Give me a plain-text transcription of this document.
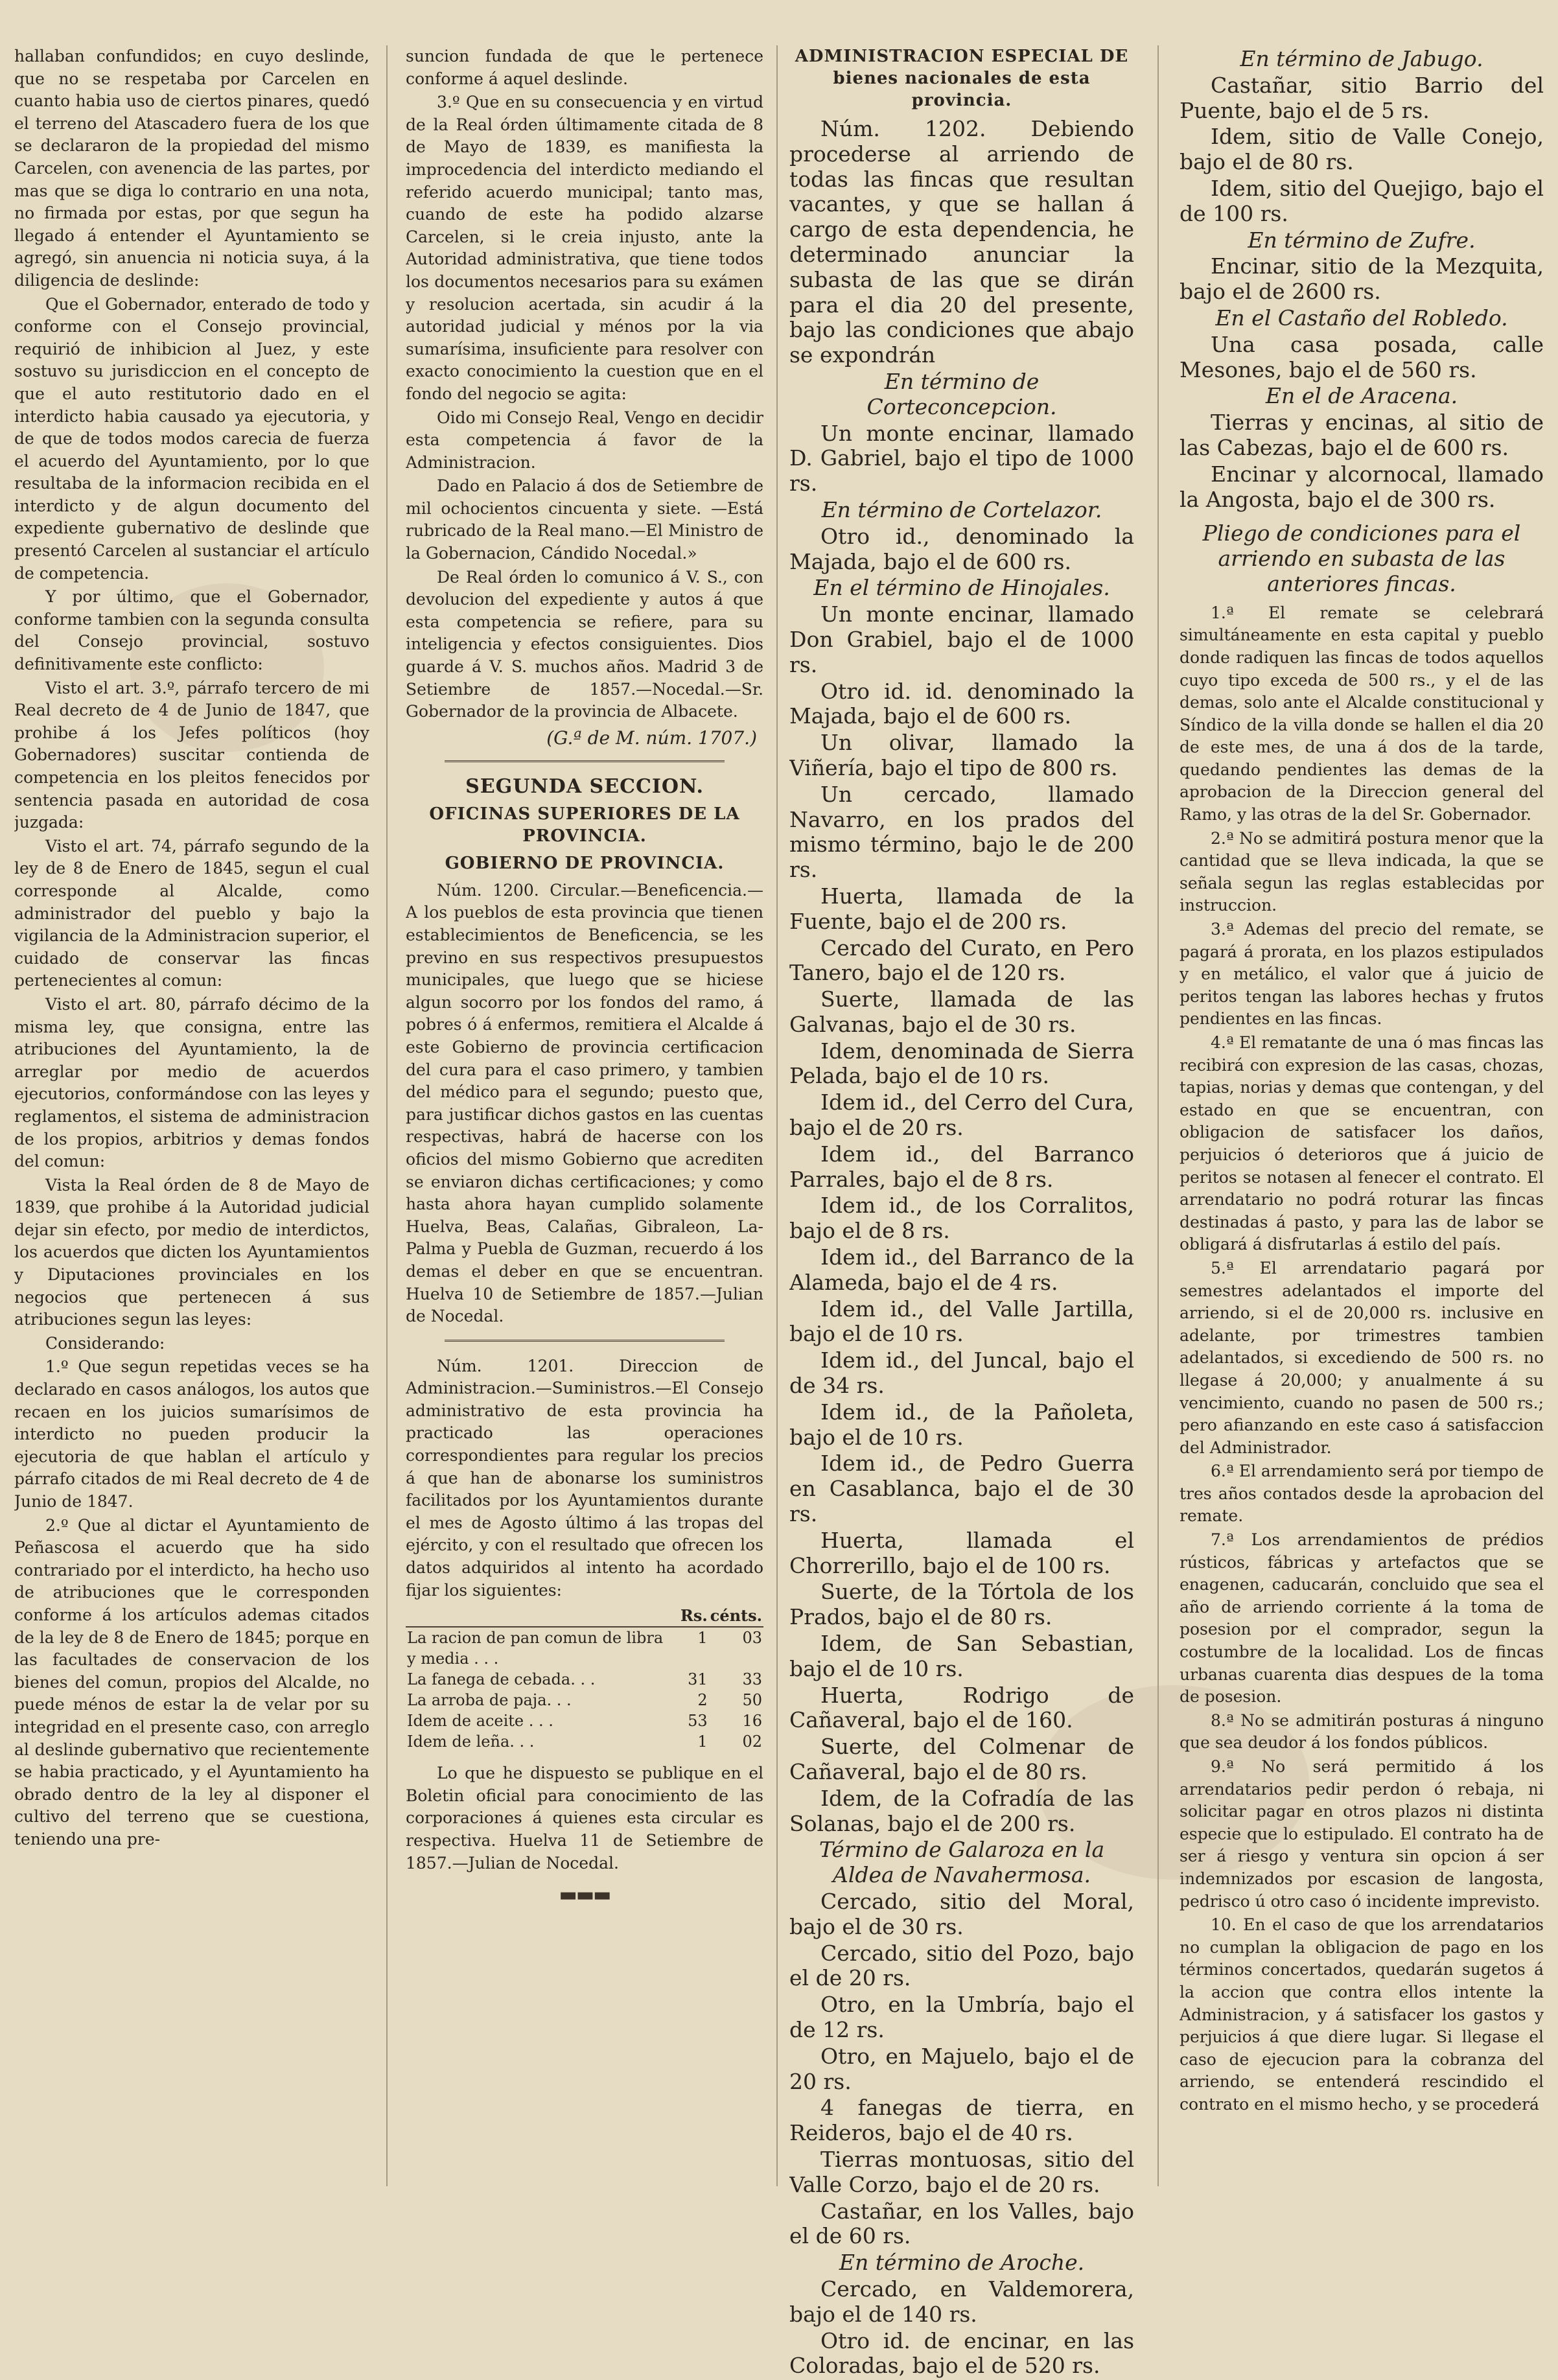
hallaban confundidos; en cuyo deslinde, que no se respetaba por Carcelen en cuanto habia uso de ciertos pinares, quedó el terreno del Atascadero fuera de los que se declararon de la propiedad del mismo Carcelen, con avenencia de las partes, por mas que se diga lo contrario en una nota, no firmada por estas, por que segun ha llegado á entender el Ayuntamiento se agregó, sin anuencia ni noticia suya, á la diligencia de deslinde:

Que el Gobernador, enterado de todo y conforme con el Consejo provincial, requirió de inhibicion al Juez, y este sostuvo su jurisdiccion en el concepto de que el auto restitutorio dado en el interdicto habia causado ya ejecutoria, y de que de todos modos carecia de fuerza el acuerdo del Ayuntamiento, por lo que resultaba de la informacion recibida en el interdicto y de algun documento del expediente gubernativo de deslinde que presentó Carcelen al sustanciar el artículo de competencia.

Y por último, que el Gobernador, conforme tambien con la segunda consulta del Consejo provincial, sostuvo definitivamente este conflicto:

Visto el art. 3.º, párrafo tercero de mi Real decreto de 4 de Junio de 1847, que prohibe á los Jefes políticos (hoy Gobernadores) suscitar contienda de competencia en los pleitos fenecidos por sentencia pasada en autoridad de cosa juzgada:

Visto el art. 74, párrafo segundo de la ley de 8 de Enero de 1845, segun el cual corresponde al Alcalde, como administrador del pueblo y bajo la vigilancia de la Administracion superior, el cuidado de conservar las fincas pertenecientes al comun:

Visto el art. 80, párrafo décimo de la misma ley, que consigna, entre las atribuciones del Ayuntamiento, la de arreglar por medio de acuerdos ejecutorios, conformándose con las leyes y reglamentos, el sistema de administracion de los propios, arbitrios y demas fondos del comun:

Vista la Real órden de 8 de Mayo de 1839, que prohibe á la Autoridad judicial dejar sin efecto, por medio de interdictos, los acuerdos que dicten los Ayuntamientos y Diputaciones provinciales en los negocios que pertenecen á sus atribuciones segun las leyes:

Considerando:

1.º Que segun repetidas veces se ha declarado en casos análogos, los autos que recaen en los juicios sumarísimos de interdicto no pueden producir la ejecutoria de que hablan el artículo y párrafo citados de mi Real decreto de 4 de Junio de 1847.

2.º Que al dictar el Ayuntamiento de Peñascosa el acuerdo que ha sido contrariado por el interdicto, ha hecho uso de atribuciones que le corresponden conforme á los artículos ademas citados de la ley de 8 de Enero de 1845; porque en las facultades de conservacion de los bienes del comun, propios del Alcalde, no puede ménos de estar la de velar por su integridad en el presente caso, con arreglo al deslinde gubernativo que recientemente se habia practicado, y el Ayuntamiento ha obrado dentro de la ley al disponer el cultivo del terreno que se cuestiona, teniendo una pre-

suncion fundada de que le pertenece conforme á aquel deslinde.

3.º Que en su consecuencia y en virtud de la Real órden últimamente citada de 8 de Mayo de 1839, es manifiesta la improcedencia del interdicto mediando el referido acuerdo municipal; tanto mas, cuando de este ha podido alzarse Carcelen, si le creia injusto, ante la Autoridad administrativa, que tiene todos los documentos necesarios para su exámen y resolucion acertada, sin acudir á la autoridad judicial y ménos por la via sumarísima, insuficiente para resolver con exacto conocimiento la cuestion que en el fondo del negocio se agita:

Oido mi Consejo Real, Vengo en decidir esta competencia á favor de la Administracion.

Dado en Palacio á dos de Setiembre de mil ochocientos cincuenta y siete. —Está rubricado de la Real mano.—El Ministro de la Gobernacion, Cándido Nocedal.»

De Real órden lo comunico á V. S., con devolucion del expediente y autos á que esta competencia se refiere, para su inteligencia y efectos consiguientes. Dios guarde á V. S. muchos años. Madrid 3 de Setiembre de 1857.—Nocedal.—Sr. Gobernador de la provincia de Albacete.

(G.ª de M. núm. 1707.)

SEGUNDA SECCION.

OFICINAS SUPERIORES DE LA PROVINCIA.

GOBIERNO DE PROVINCIA.

Núm. 1200. Circular.—Beneficencia.—A los pueblos de esta provincia que tienen establecimientos de Beneficencia, se les previno en sus respectivos presupuestos municipales, que luego que se hiciese algun socorro por los fondos del ramo, á pobres ó á enfermos, remitiera el Alcalde á este Gobierno de provincia certificacion del cura para el caso primero, y tambien del médico para el segundo; puesto que, para justificar dichos gastos en las cuentas respectivas, habrá de hacerse con los oficios del mismo Gobierno que acrediten se enviaron dichas certificaciones; y como hasta ahora hayan cumplido solamente Huelva, Beas, Calañas, Gibraleon, La-Palma y Puebla de Guzman, recuerdo á los demas el deber en que se encuentran. Huelva 10 de Setiembre de 1857.—Julian de Nocedal.

Núm. 1201. Direccion de Administracion.—Suministros.—El Consejo administrativo de esta provincia ha practicado las operaciones correspondientes para regular los precios á que han de abonarse los suministros facilitados por los Ayuntamientos durante el mes de Agosto último á las tropas del ejército, y con el resultado que ofrecen los datos adquiridos al intento ha acordado fijar los siguientes:

	Rs.	cénts.
La racion de pan comun de libra y media . . .	1	03
La fanega de cebada. . .	31	33
La arroba de paja. . .	2	50
Idem de aceite . . .	53	16
Idem de leña. . .	1	02

Lo que he dispuesto se publique en el Boletin oficial para conocimiento de las corporaciones á quienes esta circular es respectiva. Huelva 11 de Setiembre de 1857.—Julian de Nocedal.

▬▬▬

ADMINISTRACION ESPECIAL DE

bienes nacionales de esta provincia.

Núm. 1202. Debiendo procederse al arriendo de todas las fincas que resultan vacantes, y que se hallan á cargo de esta dependencia, he determinado anunciar la subasta de las que se dirán para el dia 20 del presente, bajo las condiciones que abajo se expondrán

En término de Corteconcepcion.

Un monte encinar, llamado D. Gabriel, bajo el tipo de 1000 rs.

En término de Cortelazor.

Otro id., denominado la Majada, bajo el de 600 rs.

En el término de Hinojales.

Un monte encinar, llamado Don Grabiel, bajo el de 1000 rs.

Otro id. id. denominado la Majada, bajo el de 600 rs.

Un olivar, llamado la Viñería, bajo el tipo de 800 rs.

Un cercado, llamado Navarro, en los prados del mismo término, bajo le de 200 rs.

Huerta, llamada de la Fuente, bajo el de 200 rs.

Cercado del Curato, en Pero Tanero, bajo el de 120 rs.

Suerte, llamada de las Galvanas, bajo el de 30 rs.

Idem, denominada de Sierra Pelada, bajo el de 10 rs.

Idem id., del Cerro del Cura, bajo el de 20 rs.

Idem id., del Barranco Parrales, bajo el de 8 rs.

Idem id., de los Corralitos, bajo el de 8 rs.

Idem id., del Barranco de la Alameda, bajo el de 4 rs.

Idem id., del Valle Jartilla, bajo el de 10 rs.

Idem id., del Juncal, bajo el de 34 rs.

Idem id., de la Pañoleta, bajo el de 10 rs.

Idem id., de Pedro Guerra en Casablanca, bajo el de 30 rs.

Huerta, llamada el Chorrerillo, bajo el de 100 rs.

Suerte, de la Tórtola de los Prados, bajo el de 80 rs.

Idem, de San Sebastian, bajo el de 10 rs.

Huerta, Rodrigo de Cañaveral, bajo el de 160.

Suerte, del Colmenar de Cañaveral, bajo el de 80 rs.

Idem, de la Cofradía de las Solanas, bajo el de 200 rs.

Término de Galaroza en la Aldea de Navahermosa.

Cercado, sitio del Moral, bajo el de 30 rs.

Cercado, sitio del Pozo, bajo el de 20 rs.

Otro, en la Umbría, bajo el de 12 rs.

Otro, en Majuelo, bajo el de 20 rs.

4 fanegas de tierra, en Reideros, bajo el de 40 rs.

Tierras montuosas, sitio del Valle Corzo, bajo el de 20 rs.

Castañar, en los Valles, bajo el de 60 rs.

En término de Aroche.

Cercado, en Valdemorera, bajo el de 140 rs.

Otro id. de encinar, en las Coloradas, bajo el de 520 rs.

En término de Jabugo.

Castañar, sitio Barrio del Puente, bajo el de 5 rs.

Idem, sitio de Valle Conejo, bajo el de 80 rs.

Idem, sitio del Quejigo, bajo el de 100 rs.

En término de Zufre.

Encinar, sitio de la Mezquita, bajo el de 2600 rs.

En el Castaño del Robledo.

Una casa posada, calle Mesones, bajo el de 560 rs.

En el de Aracena.

Tierras y encinas, al sitio de las Cabezas, bajo el de 600 rs.

Encinar y alcornocal, llamado la Angosta, bajo el de 300 rs.

Pliego de condiciones para el arriendo en subasta de las anteriores fincas.

1.ª El remate se celebrará simultáneamente en esta capital y pueblo donde radiquen las fincas de todos aquellos cuyo tipo exceda de 500 rs., y el de las demas, solo ante el Alcalde constitucional y Síndico de la villa donde se hallen el dia 20 de este mes, de una á dos de la tarde, quedando pendientes las demas de la aprobacion de la Direccion general del Ramo, y las otras de la del Sr. Gobernador.

2.ª No se admitirá postura menor que la cantidad que se lleva indicada, la que se señala segun las reglas establecidas por instruccion.

3.ª Ademas del precio del remate, se pagará á prorata, en los plazos estipulados y en metálico, el valor que á juicio de peritos tengan las labores hechas y frutos pendientes en las fincas.

4.ª El rematante de una ó mas fincas las recibirá con expresion de las casas, chozas, tapias, norias y demas que contengan, y del estado en que se encuentran, con obligacion de satisfacer los daños, perjuicios ó deterioros que á juicio de peritos se notasen al fenecer el contrato. El arrendatario no podrá roturar las fincas destinadas á pasto, y para las de labor se obligará á disfrutarlas á estilo del país.

5.ª El arrendatario pagará por semestres adelantados el importe del arriendo, si el de 20,000 rs. inclusive en adelante, por trimestres tambien adelantados, si excediendo de 500 rs. no llegase á 20,000; y anualmente á su vencimiento, cuando no pasen de 500 rs.; pero afianzando en este caso á satisfaccion del Administrador.

6.ª El arrendamiento será por tiempo de tres años contados desde la aprobacion del remate.

7.ª Los arrendamientos de prédios rústicos, fábricas y artefactos que se enagenen, caducarán, concluido que sea el año de arriendo corriente á la toma de posesion por el comprador, segun la costumbre de la localidad. Los de fincas urbanas cuarenta dias despues de la toma de posesion.

8.ª No se admitirán posturas á ninguno que sea deudor á los fondos públicos.

9.ª No será permitido á los arrendatarios pedir perdon ó rebaja, ni solicitar pagar en otros plazos ni distinta especie que lo estipulado. El contrato ha de ser á riesgo y ventura sin opcion á ser indemnizados por escasion de langosta, pedrisco ú otro caso ó incidente imprevisto.

10. En el caso de que los arrendatarios no cumplan la obligacion de pago en los términos concertados, quedarán sugetos á la accion que contra ellos intente la Administracion, y á satisfacer los gastos y perjuicios á que diere lugar. Si llegase el caso de ejecucion para la cobranza del arriendo, se entenderá rescindido el contrato en el mismo hecho, y se procederá
